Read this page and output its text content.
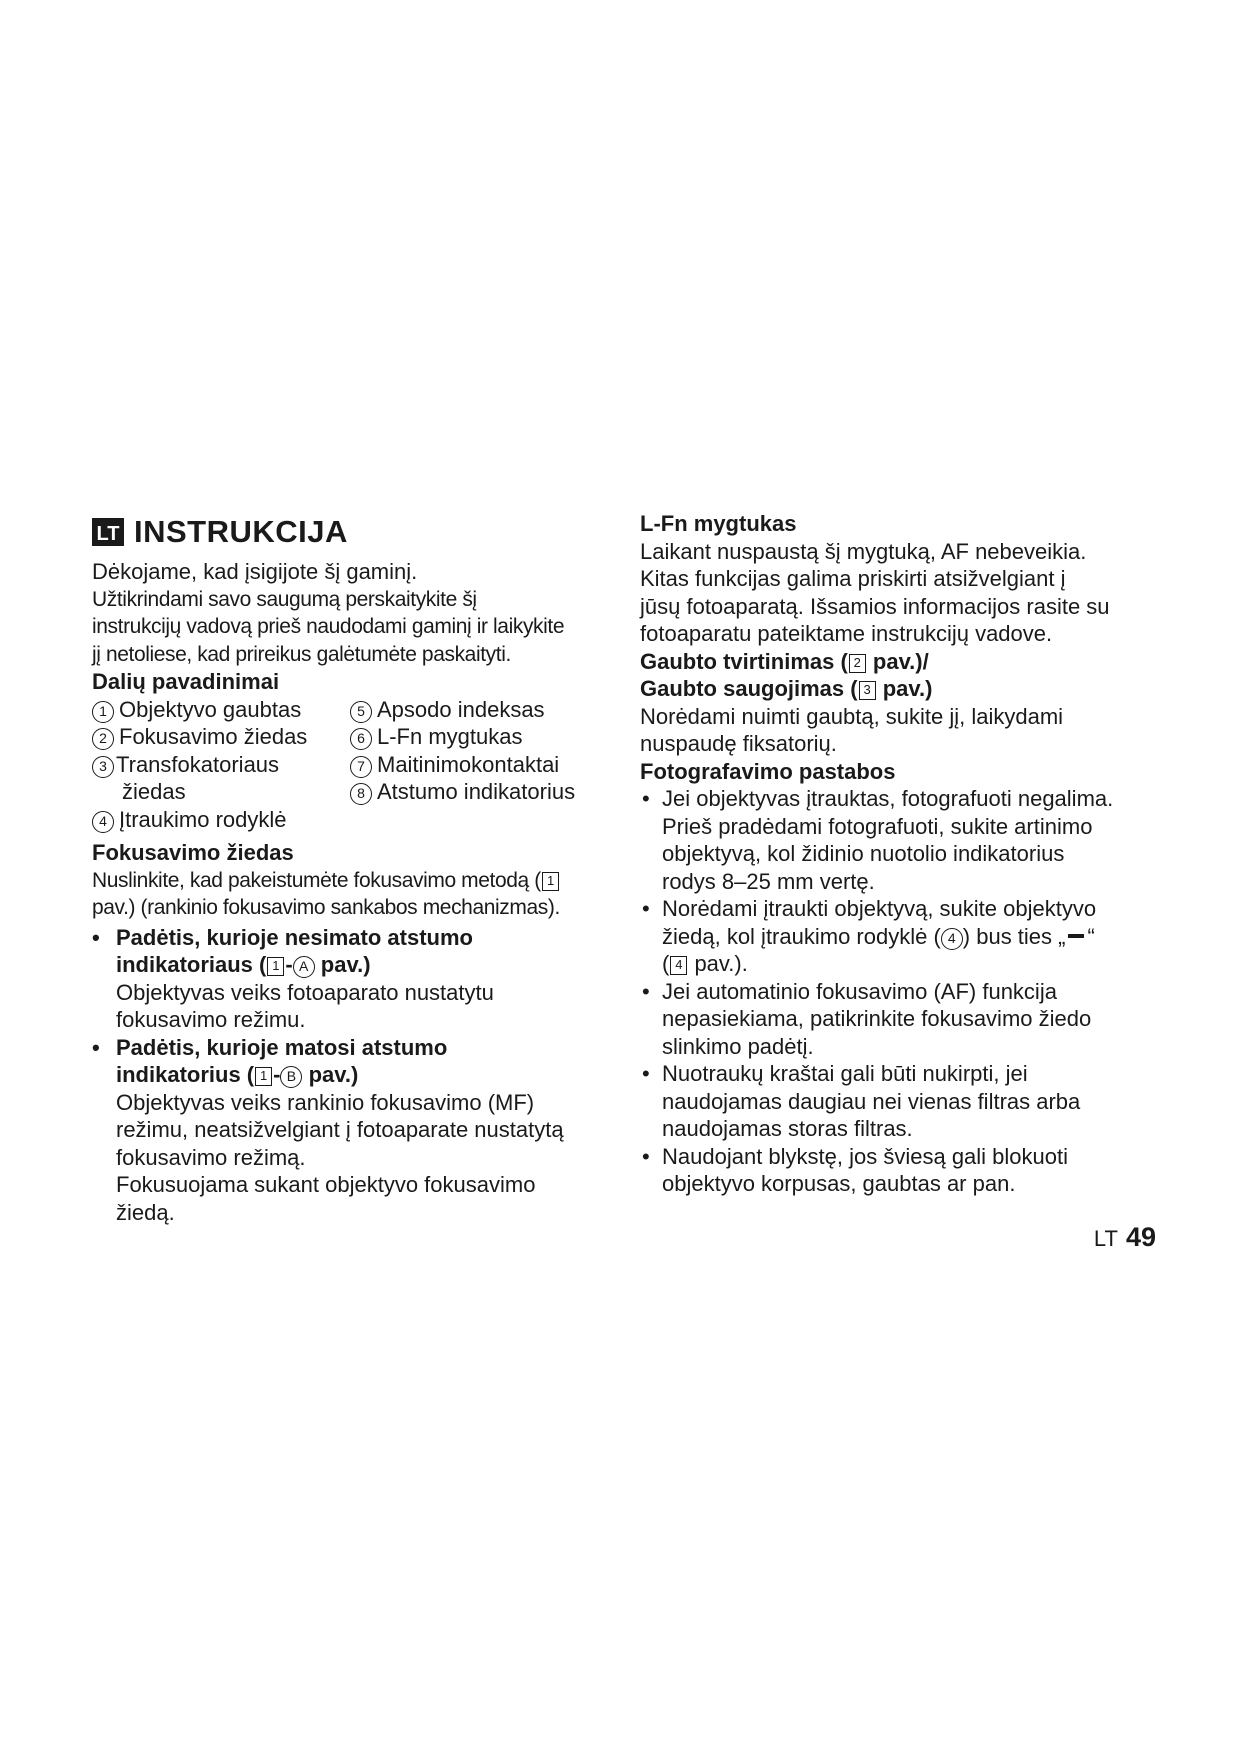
LT INSTRUKCIJA

Dėkojame, kad įsigijote šį gaminį.

Užtikrindami savo saugumą perskaitykite šį

instrukcijų vadovą prieš naudodami gaminį ir laikykite

jį netoliese, kad prireikus galėtumėte paskaityti.

Dalių pavadinimai
1 Objektyvo gaubtas	5 Apsodo indeksas
2 Fokusavimo žiedas	6 L-Fn mygtukas
3 Transfokatoriaus
žiedas
7 Maitinimokontaktai
8 Atstumo indikatorius
4 Įtraukimo rodyklė
Fokusavimo žiedas

Nuslinkite, kad pakeistumėte fokusavimo metodą ( 1

pav.) (rankinio fokusavimo sankabos mechanizmas).

• Padėtis, kurioje nesimato atstumo
indikatoriaus ( 1 - A pav.)

Objektyvas veiks fotoaparato nustatytu

fokusavimo režimu.

• Padėtis, kurioje matosi atstumo
indikatorius ( 1 - B pav.)

Objektyvas veiks rankinio fokusavimo (MF)

režimu, neatsižvelgiant į fotoaparate nustatytą

fokusavimo režimą.

Fokusuojama sukant objektyvo fokusavimo

žiedą.

L-Fn mygtukas

Laikant nuspaustą šį mygtuką, AF nebeveikia.

Kitas funkcijas galima priskirti atsižvelgiant į

jūsų fotoaparatą. Išsamios informacijos rasite su

fotoaparatu pateiktame instrukcijų vadove.

Gaubto tvirtinimas ( 2 pav.)/
Gaubto saugojimas ( 3 pav.)

Norėdami nuimti gaubtą, sukite jį, laikydami

nuspaudę fiksatorių.

Fotografavimo pastabos

• Jei objektyvas įtrauktas, fotografuoti negalima.

Prieš pradėdami fotografuoti, sukite artinimo

objektyvą, kol židinio nuotolio indikatorius

rodys 8–25 mm vertę.

• Norėdami įtraukti objektyvą, sukite objektyvo

žiedą, kol įtraukimo rodyklė ( 4 ) bus ties „ “

( 4 pav.).

• Jei automatinio fokusavimo (AF) funkcija

nepasiekiama, patikrinkite fokusavimo žiedo

slinkimo padėtį.

• Nuotraukų kraštai gali būti nukirpti, jei

naudojamas daugiau nei vienas filtras arba

naudojamas storas filtras.

• Naudojant blykstę, jos šviesą gali blokuoti

objektyvo korpusas, gaubtas ar pan.

LT 49
